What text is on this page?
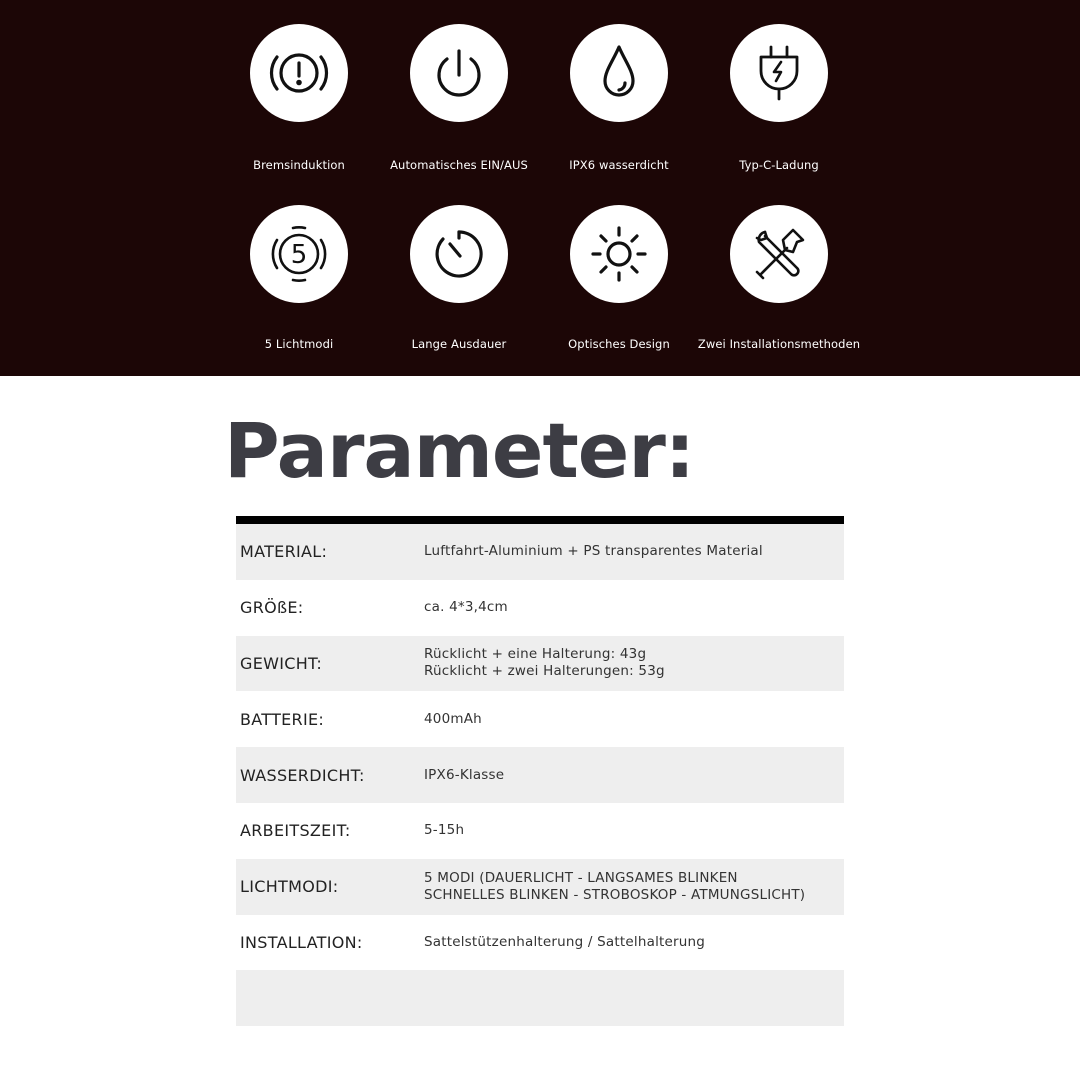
Bremsinduktion	Automatisches EIN/AUS	IPX6 wasserdicht	Typ-C-Ladung
5
5 Lichtmodi	Lange Ausdauer	Optisches Design	Zwei Installationsmethoden
Parameter:
MATERIAL:	Luftfahrt-Aluminium + PS transparentes Material
GRÖßE:	ca. 4*3,4cm
GEWICHT:	Rücklicht + eine Halterung: 43g
Rücklicht + zwei Halterungen: 53g
BATTERIE:	400mAh
WASSERDICHT:	IPX6-Klasse
ARBEITSZEIT:	5-15h
LICHTMODI:	5 MODI (DAUERLICHT - LANGSAMES BLINKEN
SCHNELLES BLINKEN - STROBOSKOP - ATMUNGSLICHT)
INSTALLATION:	Sattelstützenhalterung / Sattelhalterung
